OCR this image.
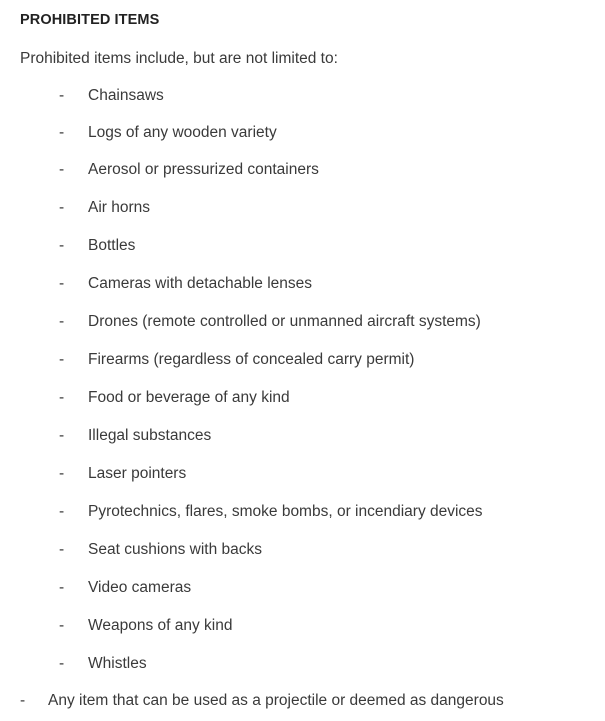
PROHIBITED ITEMS
Prohibited items include, but are not limited to:
- Chainsaws
- Logs of any wooden variety
- Aerosol or pressurized containers
- Air horns
- Bottles
- Cameras with detachable lenses
- Drones (remote controlled or unmanned aircraft systems)
- Firearms (regardless of concealed carry permit)
- Food or beverage of any kind
- Illegal substances
- Laser pointers
- Pyrotechnics, flares, smoke bombs, or incendiary devices
- Seat cushions with backs
- Video cameras
- Weapons of any kind
- Whistles
- Any item that can be used as a projectile or deemed as dangerous
